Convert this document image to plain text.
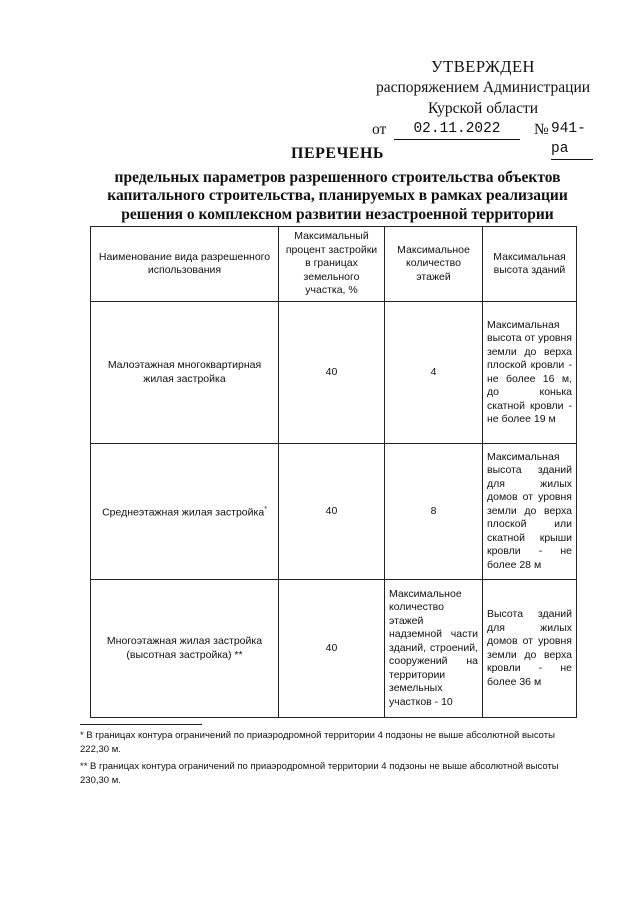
УТВЕРЖДЕН
распоряжением Администрации
Курской области
от	02.11.2022	№ 941-ра
ПЕРЕЧЕНЬ
предельных параметров разрешенного строительства объектов
капитального строительства, планируемых в рамках реализации
решения о комплексном развитии незастроенной территории
Наименование вида разрешенного использования	Максимальный процент застройки в границах земельного участка, %	Максимальное количество этажей	Максимальная высота зданий
Малоэтажная многоквартирная жилая застройка	40	4	Максимальная высота от уровня земли до верха плоской кровли - не более 16 м, до конька скатной кровли - не более 19 м
Среднеэтажная жилая застройка*	40	8	Максимальная высота зданий для жилых домов от уровня земли до верха плоской или скатной крыши кровли - не более 28 м
Многоэтажная жилая застройка (высотная застройка) **	40	Максимальное количество этажей надземной части зданий, строений, сооружений на территории земельных участков - 10	Высота зданий для жилых домов от уровня земли до верха кровли - не более 36 м

* В границах контура ограничений по приаэродромной территории 4 подзоны не выше абсолютной высоты 222,30 м.

** В границах контура ограничений по приаэродромной территории 4 подзоны не выше абсолютной высоты 230,30 м.
